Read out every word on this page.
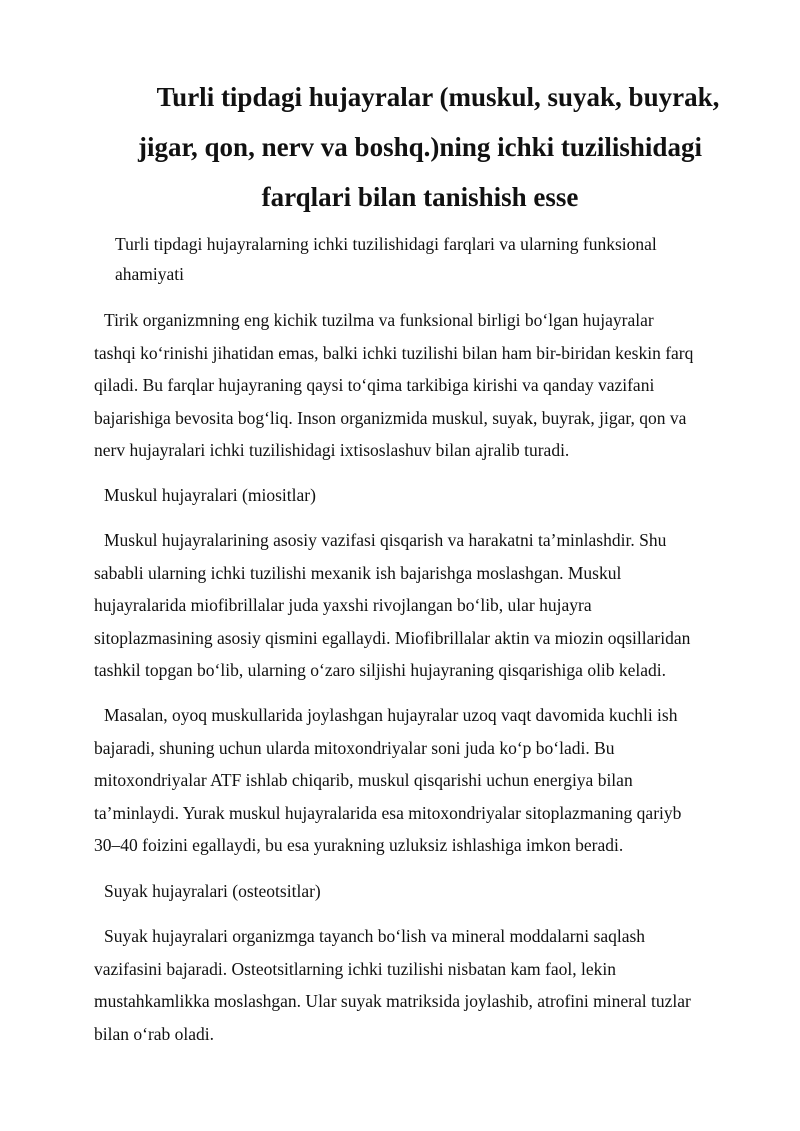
Turli tipdagi hujayralar (muskul, suyak, buyrak, jigar, qon, nerv va boshq.)ning ichki tuzilishidagi farqlari bilan tanishish esse

Turli tipdagi hujayralarning ichki tuzilishidagi farqlari va ularning funksional ahamiyati

Tirik organizmning eng kichik tuzilma va funksional birligi bo‘lgan hujayralar
tashqi ko‘rinishi jihatidan emas, balki ichki tuzilishi bilan ham bir-biridan keskin farq
qiladi. Bu farqlar hujayraning qaysi to‘qima tarkibiga kirishi va qanday vazifani
bajarishiga bevosita bog‘liq. Inson organizmida muskul, suyak, buyrak, jigar, qon va
nerv hujayralari ichki tuzilishidagi ixtisoslashuv bilan ajralib turadi.

Muskul hujayralari (miositlar)

Muskul hujayralarining asosiy vazifasi qisqarish va harakatni ta’minlashdir. Shu
sababli ularning ichki tuzilishi mexanik ish bajarishga moslashgan. Muskul
hujayralarida miofibrillalar juda yaxshi rivojlangan bo‘lib, ular hujayra
sitoplazmasining asosiy qismini egallaydi. Miofibrillalar aktin va miozin oqsillaridan
tashkil topgan bo‘lib, ularning o‘zaro siljishi hujayraning qisqarishiga olib keladi.

Masalan, oyoq muskullarida joylashgan hujayralar uzoq vaqt davomida kuchli ish
bajaradi, shuning uchun ularda mitoxondriyalar soni juda ko‘p bo‘ladi. Bu
mitoxondriyalar ATF ishlab chiqarib, muskul qisqarishi uchun energiya bilan
ta’minlaydi. Yurak muskul hujayralarida esa mitoxondriyalar sitoplazmaning qariyb
30–40 foizini egallaydi, bu esa yurakning uzluksiz ishlashiga imkon beradi.

Suyak hujayralari (osteotsitlar)

Suyak hujayralari organizmga tayanch bo‘lish va mineral moddalarni saqlash
vazifasini bajaradi. Osteotsitlarning ichki tuzilishi nisbatan kam faol, lekin
mustahkamlikka moslashgan. Ular suyak matriksida joylashib, atrofini mineral tuzlar
bilan o‘rab oladi.
